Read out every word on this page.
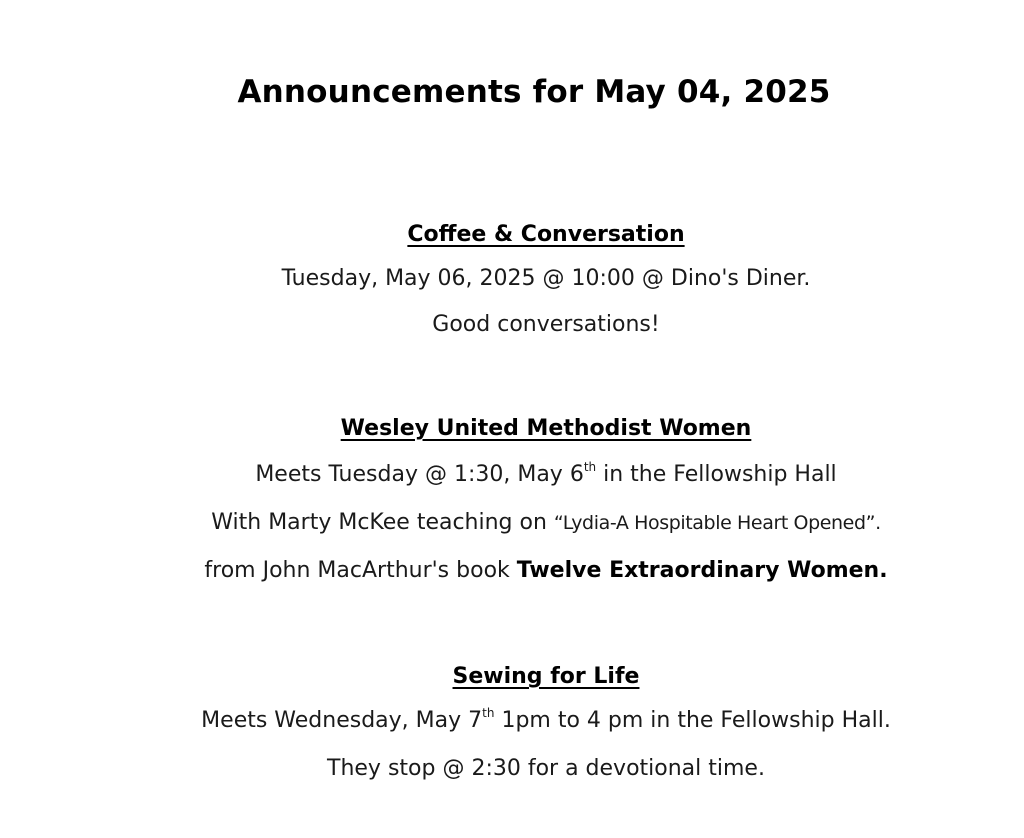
Announcements for May 04, 2025
Coffee & Conversation
Tuesday, May 06, 2025 @ 10:00 @ Dino's Diner.
Good conversations!
Wesley United Methodist Women
Meets Tuesday @ 1:30, May 6th in the Fellowship Hall
With Marty McKee teaching on “Lydia-A Hospitable Heart Opened”.
from John MacArthur's book Twelve Extraordinary Women.
Sewing for Life
Meets Wednesday, May 7th 1pm to 4 pm in the Fellowship Hall.
They stop @ 2:30 for a devotional time.
